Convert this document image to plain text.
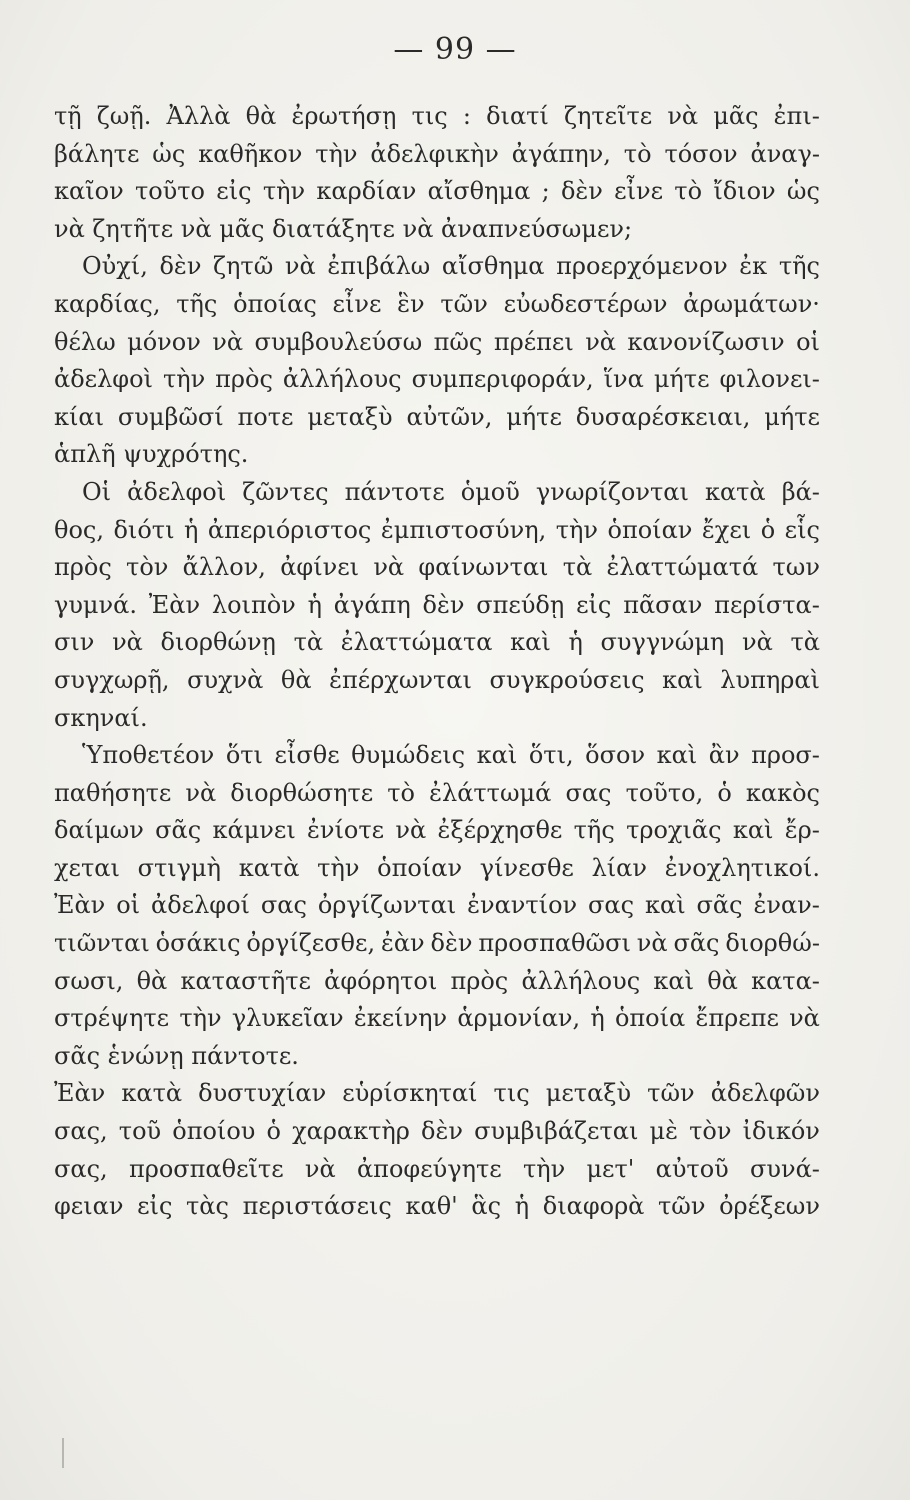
— 99 —
τῇ ζωῇ. Ἀλλὰ θὰ ἐρωτήσῃ τις : διατί ζητεῖτε νὰ μᾶς ἐπι-
βάλητε ὡς καθῆκον τὴν ἀδελφικὴν ἀγάπην, τὸ τόσον ἀναγ-
καῖον τοῦτο εἰς τὴν καρδίαν αἴσθημα ; δὲν εἶνε τὸ ἴδιον ὡς
νὰ ζητῆτε νὰ μᾶς διατάξητε νὰ ἀναπνεύσωμεν;
Οὐχί, δὲν ζητῶ νὰ ἐπιβάλω αἴσθημα προερχόμενον ἐκ τῆς
καρδίας, τῆς ὁποίας εἶνε ἓν τῶν εὐωδεστέρων ἀρωμάτων·
θέλω μόνον νὰ συμβουλεύσω πῶς πρέπει νὰ κανονίζωσιν οἱ
ἀδελφοὶ τὴν πρὸς ἀλλήλους συμπεριφοράν, ἵνα μήτε φιλονει-
κίαι συμβῶσί ποτε μεταξὺ αὐτῶν, μήτε δυσαρέσκειαι, μήτε
ἁπλῆ ψυχρότης.
Οἱ ἀδελφοὶ ζῶντες πάντοτε ὁμοῦ γνωρίζονται κατὰ βά-
θος, διότι ἡ ἀπεριόριστος ἐμπιστοσύνη, τὴν ὁποίαν ἔχει ὁ εἷς
πρὸς τὸν ἄλλον, ἀφίνει νὰ φαίνωνται τὰ ἐλαττώματά των
γυμνά. Ἐὰν λοιπὸν ἡ ἀγάπη δὲν σπεύδῃ εἰς πᾶσαν περίστα-
σιν νὰ διορθώνῃ τὰ ἐλαττώματα καὶ ἡ συγγνώμη νὰ τὰ
συγχωρῇ, συχνὰ θὰ ἐπέρχωνται συγκρούσεις καὶ λυπηραὶ
σκηναί.
Ὑποθετέον ὅτι εἶσθε θυμώδεις καὶ ὅτι, ὅσον καὶ ἂν προσ-
παθήσητε νὰ διορθώσητε τὸ ἐλάττωμά σας τοῦτο, ὁ κακὸς
δαίμων σᾶς κάμνει ἐνίοτε νὰ ἐξέρχησθε τῆς τροχιᾶς καὶ ἔρ-
χεται στιγμὴ κατὰ τὴν ὁποίαν γίνεσθε λίαν ἐνοχλητικοί.
Ἐὰν οἱ ἀδελφοί σας ὀργίζωνται ἐναντίον σας καὶ σᾶς ἐναν-
τιῶνται ὁσάκις ὀργίζεσθε, ἐὰν δὲν προσπαθῶσι νὰ σᾶς διορθώ-
σωσι, θὰ καταστῆτε ἀφόρητοι πρὸς ἀλλήλους καὶ θὰ κατα-
στρέψητε τὴν γλυκεῖαν ἐκείνην ἁρμονίαν, ἡ ὁποία ἔπρεπε νὰ
σᾶς ἑνώνῃ πάντοτε.
Ἐὰν κατὰ δυστυχίαν εὑρίσκηταί τις μεταξὺ τῶν ἀδελφῶν
σας, τοῦ ὁποίου ὁ χαρακτὴρ δὲν συμβιβάζεται μὲ τὸν ἰδικόν
σας, προσπαθεῖτε νὰ ἀποφεύγητε τὴν μετ' αὐτοῦ συνά-
φειαν εἰς τὰς περιστάσεις καθ' ἃς ἡ διαφορὰ τῶν ὀρέξεων
